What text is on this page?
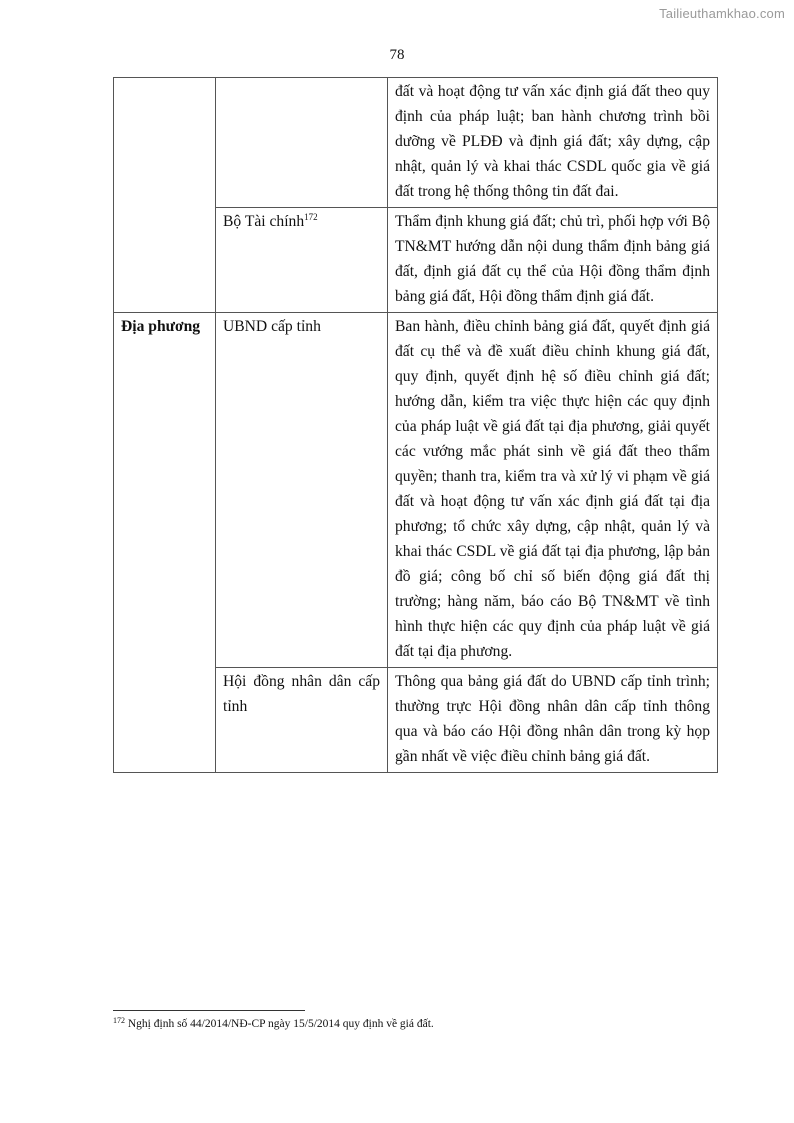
Tailieuthamkhao.com
78
		đất và hoạt động tư vấn xác định giá đất theo quy định của pháp luật; ban hành chương trình bồi dưỡng về PLĐĐ và định giá đất; xây dựng, cập nhật, quản lý và khai thác CSDL quốc gia về giá đất trong hệ thống thông tin đất đai.
	Bộ Tài chính$^{172}$	Thẩm định khung giá đất; chủ trì, phối hợp với Bộ TN&MT hướng dẫn nội dung thẩm định bảng giá đất, định giá đất cụ thể của Hội đồng thẩm định bảng giá đất, Hội đồng thẩm định giá đất.
Địa phương	UBND cấp tỉnh	Ban hành, điều chỉnh bảng giá đất, quyết định giá đất cụ thể và đề xuất điều chỉnh khung giá đất, quy định, quyết định hệ số điều chỉnh giá đất; hướng dẫn, kiểm tra việc thực hiện các quy định của pháp luật về giá đất tại địa phương, giải quyết các vướng mắc phát sinh về giá đất theo thẩm quyền; thanh tra, kiểm tra và xử lý vi phạm về giá đất và hoạt động tư vấn xác định giá đất tại địa phương; tổ chức xây dựng, cập nhật, quản lý và khai thác CSDL về giá đất tại địa phương, lập bản đồ giá; công bố chỉ số biến động giá đất thị trường; hàng năm, báo cáo Bộ TN&MT về tình hình thực hiện các quy định của pháp luật về giá đất tại địa phương.
	Hội đồng nhân dân cấp tỉnh	Thông qua bảng giá đất do UBND cấp tỉnh trình; thường trực Hội đồng nhân dân cấp tỉnh thông qua và báo cáo Hội đồng nhân dân trong kỳ họp gần nhất về việc điều chỉnh bảng giá đất.
$^{172}$ Nghị định số 44/2014/NĐ-CP ngày 15/5/2014 quy định về giá đất.
